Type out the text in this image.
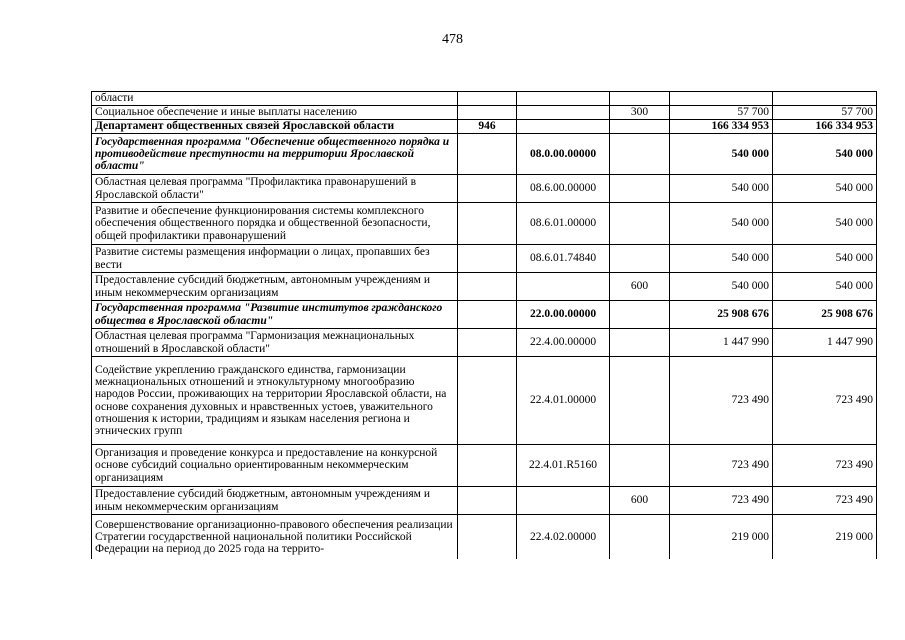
478
области					
Социальное обеспечение и иные выплаты населению			300	57 700	57 700
Департамент общественных связей Ярославской области	946			166 334 953	166 334 953
Государственная программа "Обеспечение общественного порядка и противодействие преступности на территории Ярославской области"		08.0.00.00000		540 000	540 000
Областная целевая программа "Профилактика правонарушений в Ярославской области"		08.6.00.00000		540 000	540 000
Развитие и обеспечение функционирования системы комплексного обеспечения общественного порядка и общественной безопасности, общей профилактики правонарушений		08.6.01.00000		540 000	540 000
Развитие системы размещения информации о лицах, пропавших без вести		08.6.01.74840		540 000	540 000
Предоставление субсидий бюджетным, автономным учреждениям и иным некоммерческим организациям			600	540 000	540 000
Государственная программа "Развитие институтов гражданского общества в Ярославской области"		22.0.00.00000		25 908 676	25 908 676
Областная целевая программа "Гармонизация межнациональных отношений в Ярославской области"		22.4.00.00000		1 447 990	1 447 990
Содействие укреплению гражданского единства, гармонизации межнациональных отношений и этнокультурному многообразию народов России, проживающих на территории Ярославской области, на основе сохранения духовных и нравственных устоев, уважительного отношения к истории, традициям и языкам населения региона и этнических групп		22.4.01.00000		723 490	723 490
Организация и проведение конкурса и предоставление на конкурсной основе субсидий социально ориентированным некоммерческим организациям		22.4.01.R5160		723 490	723 490
Предоставление субсидий бюджетным, автономным учреждениям и иным некоммерческим организациям			600	723 490	723 490
Совершенствование организационно-правового обеспечения реализации Стратегии государственной национальной политики Российской Федерации на период до 2025 года на террито-		22.4.02.00000		219 000	219 000
